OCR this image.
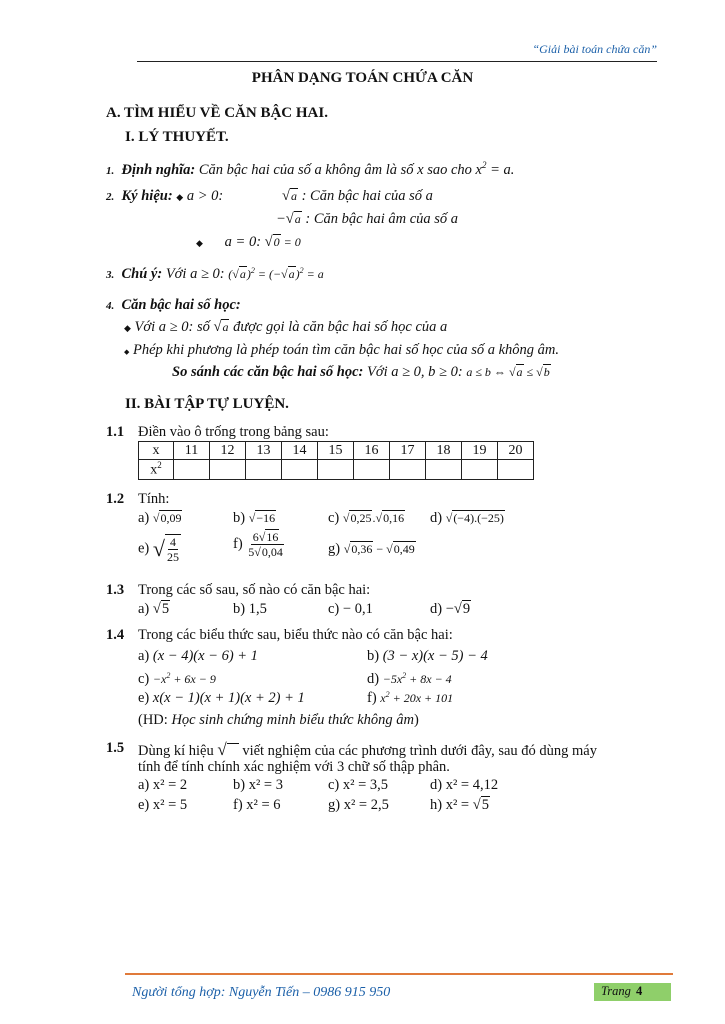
“Giải bài toán chứa căn”
PHÂN DẠNG TOÁN CHỨA CĂN
A. TÌM HIỂU VỀ CĂN BẬC HAI.
I. LÝ THUYẾT.
1. Định nghĩa: Căn bậc hai của số a không âm là số x sao cho $x^2 = a$.
2. Ký hiệu: ◆ a > 0:	√a : Căn bậc hai của số a
−√a : Căn bậc hai âm của số a
◆ a = 0: √0 = 0
3. Chú ý: Với a ≥ 0: $(√a)^2 = (-√a)^2 = a$
4. Căn bậc hai số học:
◆ Với a ≥ 0: số √a được gọi là căn bậc hai số học của a
◆ Phép khi phương là phép toán tìm căn bậc hai số học của số a không âm.
So sánh các căn bậc hai số học: Với a ≥ 0, b ≥ 0: a ≤ b ⇔ √a ≤ √b
II. BÀI TẬP TỰ LUYỆN.
1.1 Điền vào ô trống trong bảng sau:
x	11	12	13	14	15	16	17	18	19	20
$x^2$										
1.2 Tính:
a) √0,09	b) √−16	c) √0,25.√0,16 d) √(−4).(−25)
e) √ $\frac{4}{25}$	$f) \frac{6√16}{5√0,04}$	g) √0,36 − √0,49
1.3 Trong các số sau, số nào có căn bậc hai:
a) √5	b) 1,5	c) − 0,1	d) −√9
1.4 Trong các biểu thức sau, biểu thức nào có căn bậc hai:
a) (x − 4)(x − 6) + 1	b) (3 − x)(x − 5) − 4
$c) -x^2 + 6x - 9$	$d) -5x^2 + 8x - 4$
e) x(x − 1)(x + 1)(x + 2) + 1	f) $x^2 + 20x + 101$
(HD: Học sinh chứng minh biểu thức không âm)
1.5 Dùng kí hiệu √ viết nghiệm của các phương trình dưới đây, sau đó dùng máy
tính để tính chính xác nghiệm với 3 chữ số thập phân.
a) x² = 2	b) x² = 3	c) x² = 3,5	d) x² = 4,12
e) x² = 5	f) x² = 6	g) x² = 2,5	h) x² = √5
Người tổng hợp: Nguyễn Tiến – 0986 915 950	Trang 4
